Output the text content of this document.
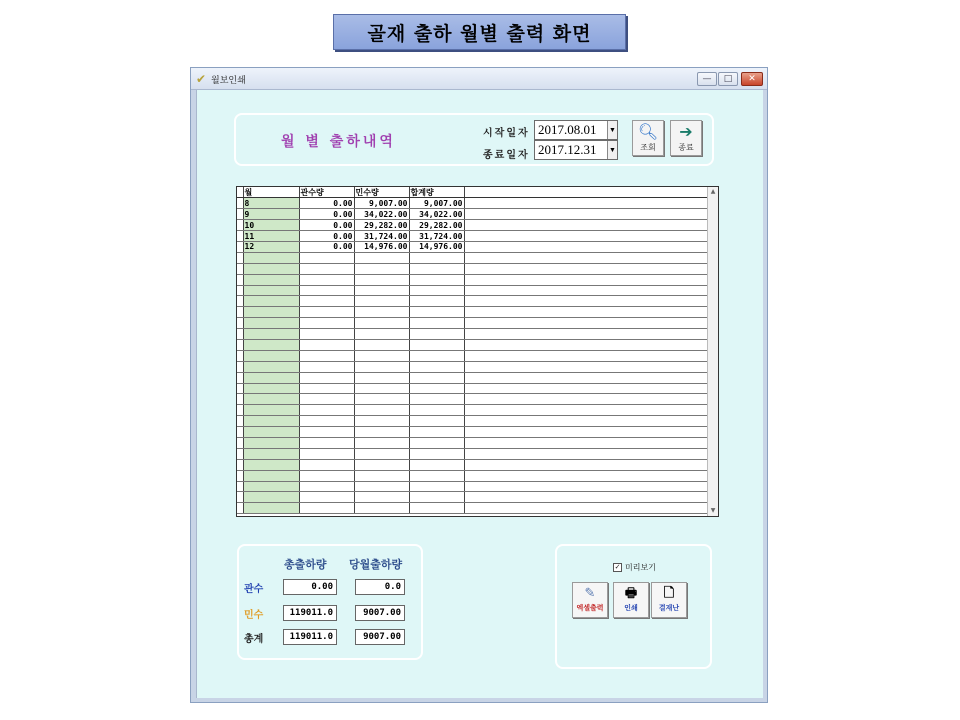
골재 출하 월별 출력 화면
✔ 월보인쇄	—	□	✕
월 별 출하내역
시작일자 2017.08.01 ▼
종료일자 2017.12.31 ▼
🔍︎
조회
➔
종료
	월	관수량	민수량	합계량	
	8	0.00	9,007.00	9,007.00	
	9	0.00	34,022.00	34,022.00	
	10	0.00	29,282.00	29,282.00	
	11	0.00	31,724.00	31,724.00	
	12	0.00	14,976.00	14,976.00	

▲
▼
총출하량 당월출하량
관수	0.00	0.0
민수	119011.0	9007.00
총계	119011.0	9007.00
✓ 미리보기
✎
엑셀출력
🖶︎
인쇄
🗋︎
결재난
